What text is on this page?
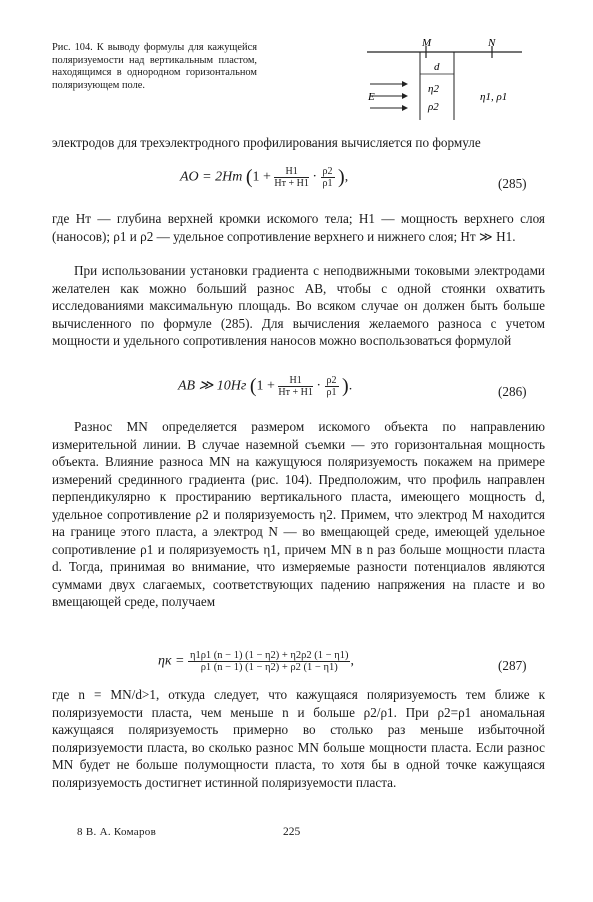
Рис. 104. К выводу формулы для кажущейся поляризуемости над вертикальным пластом, находящимся в однородном горизонтальном поляризующем поле.
M	N
d
E
η2
ρ2
η1, ρ1
электродов для трехэлектродного профилирования вычисляется по формуле
AO = 2Hт ($1 + \frac{H1}{Hт + H1} \cdot \frac{\rho 2}{\rho 1}$ ),	(285)
где Hт — глубина верхней кромки искомого тела; H1 — мощность верхнего слоя (наносов); ρ1 и ρ2 — удельное сопротивление верхнего и нижнего слоя; Hт ≫ H1.
При использовании установки градиента с неподвижными токовыми электродами желателен как можно больший разнос AB, чтобы с одной стоянки охватить исследованиями максимальную площадь. Во всяком случае он должен быть больше вычисленного по формуле (285). Для вычисления желаемого разноса с учетом мощности и удельного сопротивления наносов можно воспользоваться формулой
AB ≫ 10Hг ($1 + \frac{H1}{Hт + H1} \cdot \frac{\rho 2}{\rho 1}$ ).	(286)
Разнос MN определяется размером искомого объекта по направлению измерительной линии. В случае наземной съемки — это горизонтальная мощность объекта. Влияние разноса MN на кажущуюся поляризуемость покажем на примере измерений срединного градиента (рис. 104). Предположим, что профиль направлен перпендикулярно к простиранию вертикального пласта, имеющего мощность d, удельное сопротивление ρ2 и поляризуемость η2. Примем, что электрод M находится на границе этого пласта, а электрод N — во вмещающей среде, имеющей удельное сопротивление ρ1 и поляризуемость η1, причем MN в n раз больше мощности пласта d. Тогда, принимая во внимание, что измеряемые разности потенциалов являются суммами двух слагаемых, соответствующих падению напряжения на пласте и во вмещающей среде, получаем
$\eta к = \frac{\eta 1\rho 1 (n - 1) (1 - \eta 2) + \eta 2\rho 2 (1 - \eta 1)}{\rho 1 (n - 1) (1 - \eta 2) + \rho 2 (1 - \eta 1)}$ ,	(287)
где n = MN/d>1, откуда следует, что кажущаяся поляризуемость тем ближе к поляризуемости пласта, чем меньше n и больше ρ2/ρ1. При ρ2=ρ1 аномальная кажущаяся поляризуемость примерно во столько раз меньше избыточной поляризуемости пласта, во сколько разнос MN больше мощности пласта. Если разнос MN будет не больше полумощности пласта, то хотя бы в одной точке кажущаяся поляризуемость достигнет истинной поляризуемости пласта.
8 В. А. Комаров	225
